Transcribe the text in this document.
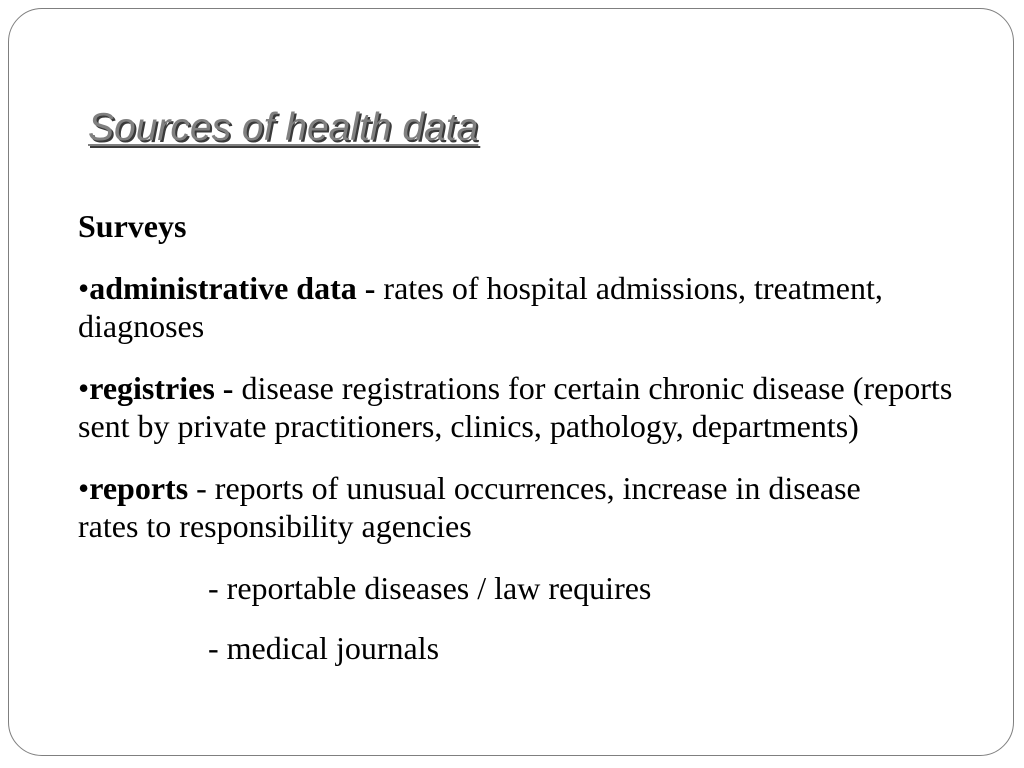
Sources of health data

Surveys

•administrative data - rates of hospital admissions, treatment, diagnoses

•registries - disease registrations for certain chronic disease (reports sent by private practitioners, clinics, pathology, departments)

•reports - reports of unusual occurrences, increase in diseaserates to responsibility agencies

- reportable diseases / law requires

- medical journals
